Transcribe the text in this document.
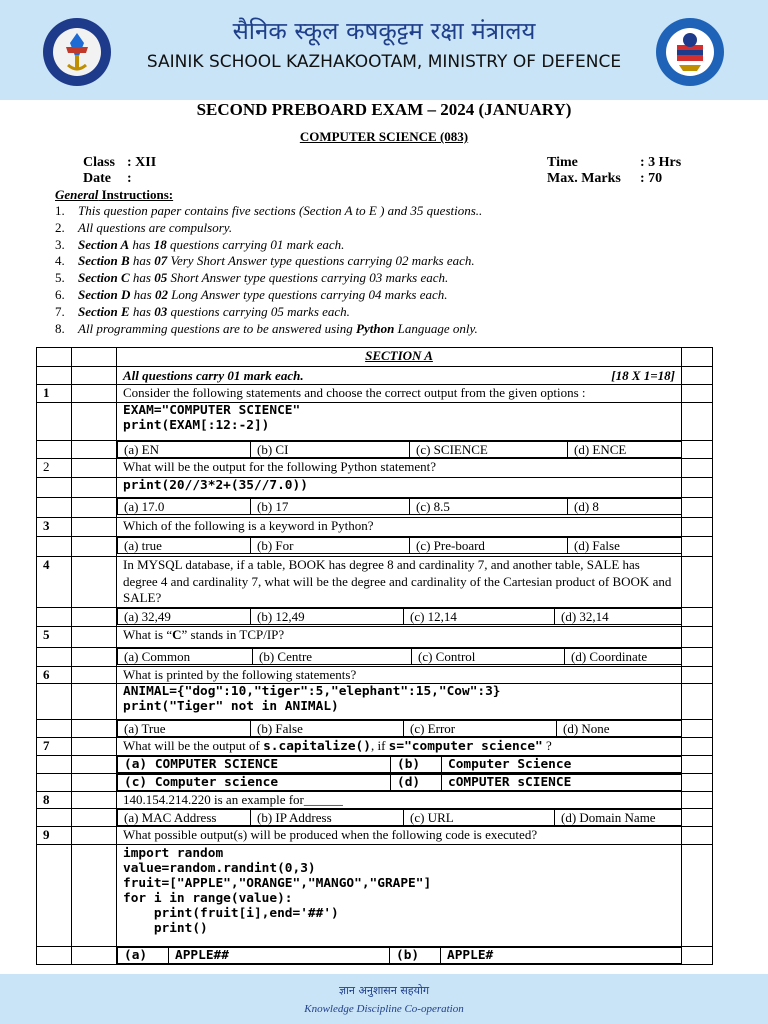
सैनिक स्कूल कषकूट्टम रक्षा मंत्रालय
SAINIK SCHOOL KAZHAKOOTAM, MINISTRY OF DEFENCE
SECOND PREBOARD EXAM – 2024 (JANUARY)
COMPUTER SCIENCE (083)
Class : XII
Date :
Time	: 3 Hrs
Max. Marks : 70
General Instructions:
1. This question paper contains five sections (Section A to E ) and 35 questions..
2. All questions are compulsory.
3. Section A has 18 questions carrying 01 mark each.
4. Section B has 07 Very Short Answer type questions carrying 02 marks each.
5. Section C has 05 Short Answer type questions carrying 03 marks each.
6. Section D has 02 Long Answer type questions carrying 04 marks each.
7. Section E has 03 questions carrying 05 marks each.
8. All programming questions are to be answered using Python Language only.
		SECTION A	
		All questions carry 01 mark each.	[18 X 1=18]

1		Consider the following statements and choose the correct output from the given options :	

EXAM="COMPUTER SCIENCE"
print(EXAM[:12:-2])

(a) EN	(b) CI	(c) SCIENCE	(d) ENCE

2		What will be the output for the following Python statement?	
		print(20//3*2+(35//7.0))	

(a) 17.0	(b) 17	(c) 8.5	(d) 8

3		Which of the following is a keyword in Python?	

(a) true	(b) For	(c) Pre-board	(d) False

4		In MYSQL database, if a table, BOOK has degree 8 and cardinality 7, and another table, SALE has degree 4 and cardinality 7, what will be the degree and cardinality of the Cartesian product of BOOK and SALE?	

(a) 32,49	(b) 12,49	(c) 12,14	(d) 32,14

5		What is “C” stands in TCP/IP?	

(a) Common	(b) Centre	(c) Control	(d) Coordinate

6		What is printed by the following statements?	

ANIMAL={"dog":10,"tiger":5,"elephant":15,"Cow":3}
print("Tiger" not in ANIMAL)

(a) True	(b) False	(c) Error	(d) None

7		What will be the output of s.capitalize(), if s="computer science" ?	

(a) COMPUTER SCIENCE	(b)	Computer Science

(c) Computer science	(d)	cOMPUTER sCIENCE

8		140.154.214.220 is an example for______	

(a) MAC Address	(b) IP Address	(c) URL	(d) Domain Name

9		What possible output(s) will be produced when the following code is executed?	

import random
value=random.randint(0,3)
fruit=["APPLE","ORANGE","MANGO","GRAPE"]
for i in range(value):
print(fruit[i],end='##')
print()

(a)	APPLE##	(b)	APPLE#

ज्ञान अनुशासन सहयोग
Knowledge Discipline Co-operation
